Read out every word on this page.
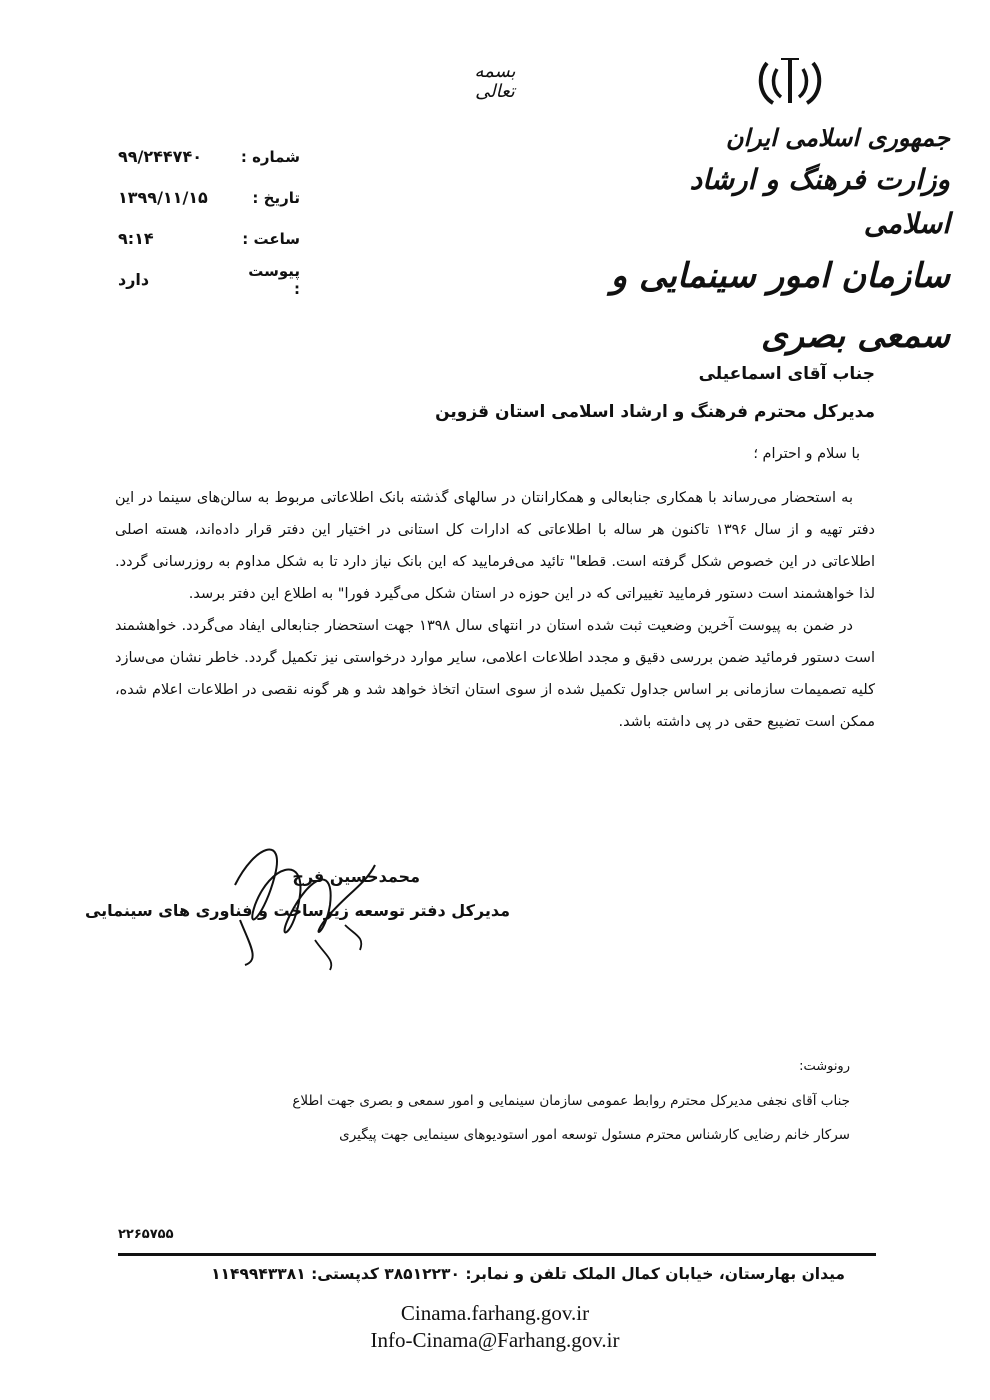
بسمه تعالی
جمهوری اسلامی ایران
وزارت فرهنگ و ارشاد اسلامی
سازمان امور سینمایی و سمعی بصری
شماره :
۹۹/۲۴۴۷۴۰
تاریخ :
۱۳۹۹/۱۱/۱۵
ساعت :
۹:۱۴
پیوست :
دارد
جناب آقای اسماعیلی
مدیرکل محترم فرهنگ و ارشاد اسلامی استان قزوین
با سلام و احترام ؛

به استحضار می‌رساند با همکاری جنابعالی و همکارانتان در سالهای گذشته بانک اطلاعاتی مربوط به سالن‌های سینما در این دفتر تهیه و از سال ۱۳۹۶ تاکنون هر ساله با اطلاعاتی که ادارات کل استانی در اختیار این دفتر قرار داده‌اند، هسته اصلی اطلاعاتی در این خصوص شکل گرفته است. قطعا" تائید می‌فرمایید که این بانک نیاز دارد تا به شکل مداوم به روزرسانی گردد. لذا خواهشمند است دستور فرمایید تغییراتی که در این حوزه در استان شکل می‌گیرد فورا" به اطلاع این دفتر برسد.

در ضمن به پیوست آخرین وضعیت ثبت شده استان در انتهای سال ۱۳۹۸ جهت استحضار جنابعالی ایفاد می‌گردد. خواهشمند است دستور فرمائید ضمن بررسی دقیق و مجدد اطلاعات اعلامی، سایر موارد درخواستی نیز تکمیل گردد. خاطر نشان می‌سازد کلیه تصمیمات سازمانی بر اساس جداول تکمیل شده از سوی استان اتخاذ خواهد شد و هر گونه نقصی در اطلاعات اعلام شده، ممکن است تضیبع حقی در پی داشته باشد.

محمدحسین فرج
مدیرکل دفتر توسعه زیرساخت و فناوری های سینمایی
رونوشت:
جناب آقای نجفی مدیرکل محترم روابط عمومی سازمان سینمایی و امور سمعی و بصری جهت اطلاع
سرکار خانم رضایی کارشناس محترم مسئول توسعه امور استودیوهای سینمایی جهت پیگیری
۲۲۶۵۷۵۵
میدان بهارستان، خیابان کمال الملک تلفن و نمابر: ۳۸۵۱۲۲۳۰ کدپستی: ۱۱۴۹۹۴۳۳۸۱
Cinama.farhang.gov.ir
Info-Cinama@Farhang.gov.ir
